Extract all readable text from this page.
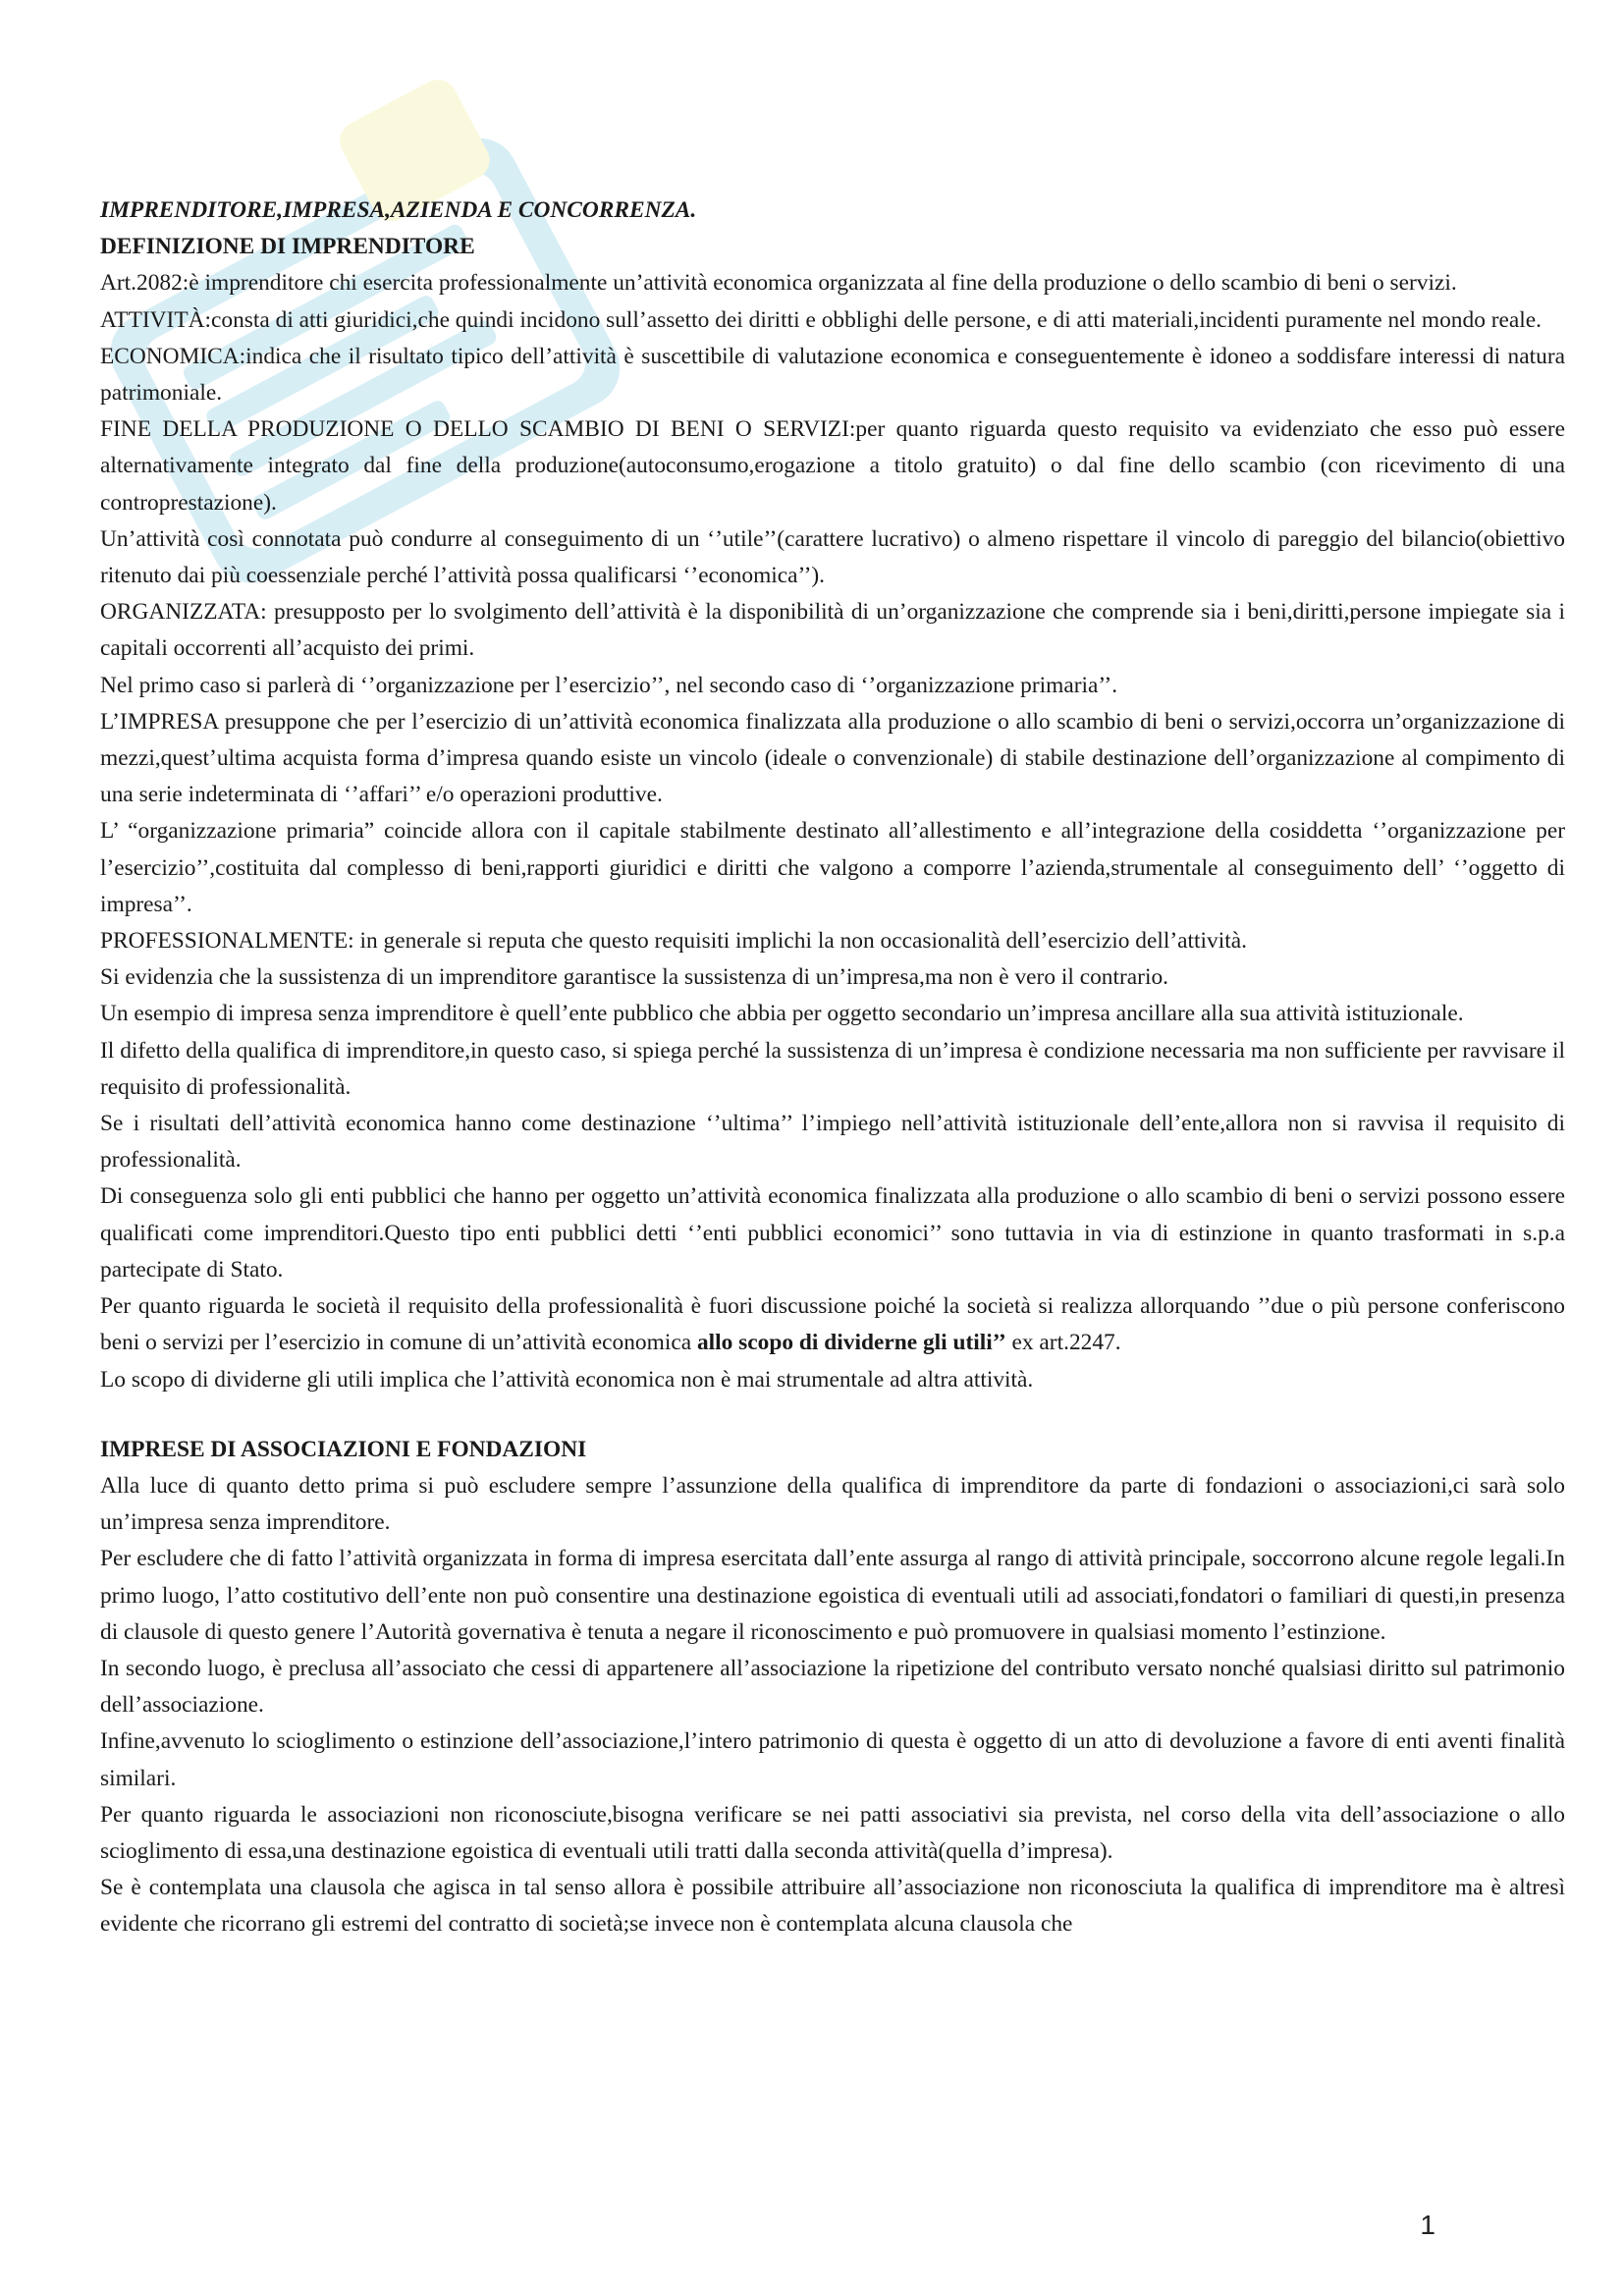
IMPRENDITORE,IMPRESA,AZIENDA E CONCORRENZA.

DEFINIZIONE DI IMPRENDITORE

Art.2082:è imprenditore chi esercita professionalmente un’attività economica organizzata al fine della produzione o dello scambio di beni o servizi.

ATTIVITÀ:consta di atti giuridici,che quindi incidono sull’assetto dei diritti e obblighi delle persone, e di atti materiali,incidenti puramente nel mondo reale.

ECONOMICA:indica che il risultato tipico dell’attività è suscettibile di valutazione economica e conseguentemente è idoneo a soddisfare interessi di natura patrimoniale.

FINE DELLA PRODUZIONE O DELLO SCAMBIO DI BENI O SERVIZI:per quanto riguarda questo requisito va evidenziato che esso può essere alternativamente integrato dal fine della produzione(autoconsumo,erogazione a titolo gratuito) o dal fine dello scambio (con ricevimento di una controprestazione).

Un’attività così connotata può condurre al conseguimento di un ‘’utile’’(carattere lucrativo) o almeno rispettare il vincolo di pareggio del bilancio(obiettivo ritenuto dai più coessenziale perché l’attività possa qualificarsi ‘’economica’’).

ORGANIZZATA: presupposto per lo svolgimento dell’attività è la disponibilità di un’organizzazione che comprende sia i beni,diritti,persone impiegate sia i capitali occorrenti all’acquisto dei primi.

Nel primo caso si parlerà di ‘’organizzazione per l’esercizio’’, nel secondo caso di ‘’organizzazione primaria’’.

L’IMPRESA presuppone che per l’esercizio di un’attività economica finalizzata alla produzione o allo scambio di beni o servizi,occorra un’organizzazione di mezzi,quest’ultima acquista forma d’impresa quando esiste un vincolo (ideale o convenzionale) di stabile destinazione dell’organizzazione al compimento di una serie indeterminata di ‘’affari’’ e/o operazioni produttive.

L’ “organizzazione primaria” coincide allora con il capitale stabilmente destinato all’allestimento e all’integrazione della cosiddetta ‘’organizzazione per l’esercizio’’,costituita dal complesso di beni,rapporti giuridici e diritti che valgono a comporre l’azienda,strumentale al conseguimento dell’ ‘’oggetto di impresa’’.

PROFESSIONALMENTE: in generale si reputa che questo requisiti implichi la non occasionalità dell’esercizio dell’attività.

Si evidenzia che la sussistenza di un imprenditore garantisce la sussistenza di un’impresa,ma non è vero il contrario.

Un esempio di impresa senza imprenditore è quell’ente pubblico che abbia per oggetto secondario un’impresa ancillare alla sua attività istituzionale.

Il difetto della qualifica di imprenditore,in questo caso, si spiega perché la sussistenza di un’impresa è condizione necessaria ma non sufficiente per ravvisare il requisito di professionalità.

Se i risultati dell’attività economica hanno come destinazione ‘’ultima’’ l’impiego nell’attività istituzionale dell’ente,allora non si ravvisa il requisito di professionalità.

Di conseguenza solo gli enti pubblici che hanno per oggetto un’attività economica finalizzata alla produzione o allo scambio di beni o servizi possono essere qualificati come imprenditori.Questo tipo enti pubblici detti ‘’enti pubblici economici’’ sono tuttavia in via di estinzione in quanto trasformati in s.p.a partecipate di Stato.

Per quanto riguarda le società il requisito della professionalità è fuori discussione poiché la società si realizza allorquando ’’due o più persone conferiscono beni o servizi per l’esercizio in comune di un’attività economica allo scopo di dividerne gli utili’’ ex art.2247.

Lo scopo di dividerne gli utili implica che l’attività economica non è mai strumentale ad altra attività.

IMPRESE DI ASSOCIAZIONI E FONDAZIONI

Alla luce di quanto detto prima si può escludere sempre l’assunzione della qualifica di imprenditore da parte di fondazioni o associazioni,ci sarà solo un’impresa senza imprenditore.

Per escludere che di fatto l’attività organizzata in forma di impresa esercitata dall’ente assurga al rango di attività principale, soccorrono alcune regole legali.In primo luogo, l’atto costitutivo dell’ente non può consentire una destinazione egoistica di eventuali utili ad associati,fondatori o familiari di questi,in presenza di clausole di questo genere l’Autorità governativa è tenuta a negare il riconoscimento e può promuovere in qualsiasi momento l’estinzione.

In secondo luogo, è preclusa all’associato che cessi di appartenere all’associazione la ripetizione del contributo versato nonché qualsiasi diritto sul patrimonio dell’associazione.

Infine,avvenuto lo scioglimento o estinzione dell’associazione,l’intero patrimonio di questa è oggetto di un atto di devoluzione a favore di enti aventi finalità similari.

Per quanto riguarda le associazioni non riconosciute,bisogna verificare se nei patti associativi sia prevista, nel corso della vita dell’associazione o allo scioglimento di essa,una destinazione egoistica di eventuali utili tratti dalla seconda attività(quella d’impresa).

Se è contemplata una clausola che agisca in tal senso allora è possibile attribuire all’associazione non riconosciuta la qualifica di imprenditore ma è altresì evidente che ricorrano gli estremi del contratto di società;se invece non è contemplata alcuna clausola che

1
